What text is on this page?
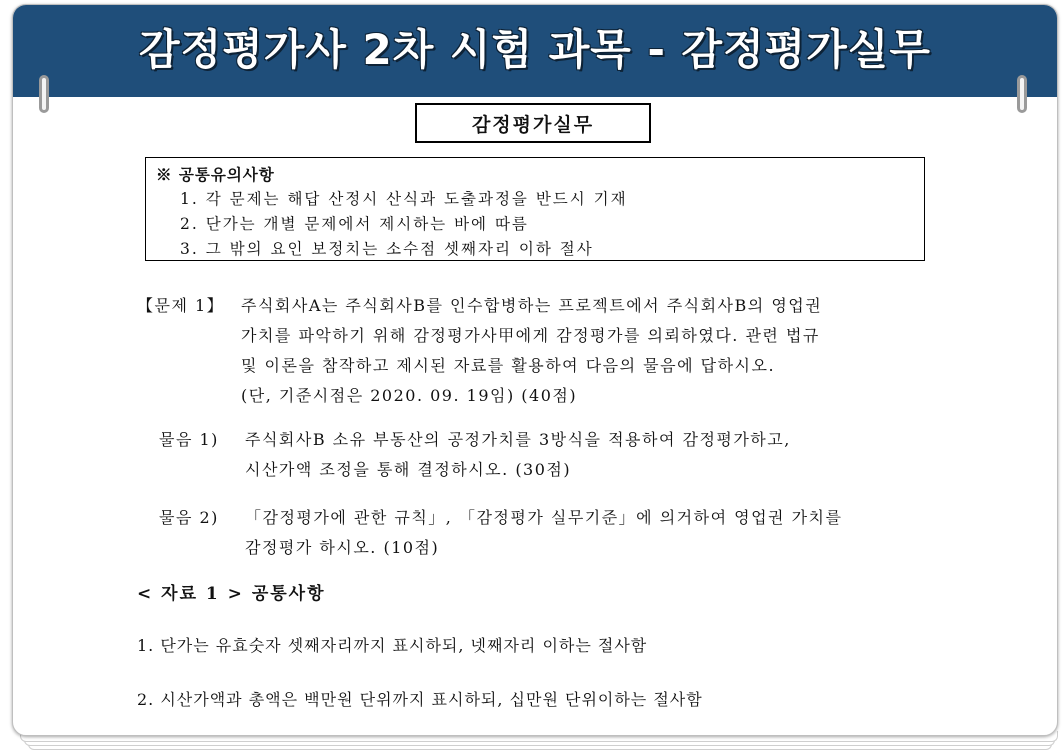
감정평가사 2차 시험 과목 - 감정평가실무
감정평가실무
※ 공통유의사항
1. 각 문제는 해답 산정시 산식과 도출과정을 반드시 기재
2. 단가는 개별 문제에서 제시하는 바에 따름
3. 그 밖의 요인 보정치는 소수점 셋째자리 이하 절사
【문제 1】 주식회사A는 주식회사B를 인수합병하는 프로젝트에서 주식회사B의 영업권
가치를 파악하기 위해 감정평가사甲에게 감정평가를 의뢰하였다. 관련 법규
및 이론을 참작하고 제시된 자료를 활용하여 다음의 물음에 답하시오.
(단, 기준시점은 2020. 09. 19임) (40점)
물음 1) 주식회사B 소유 부동산의 공정가치를 3방식을 적용하여 감정평가하고,
시산가액 조정을 통해 결정하시오. (30점)
물음 2) 「감정평가에 관한 규칙」, 「감정평가 실무기준」에 의거하여 영업권 가치를
감정평가 하시오. (10점)
< 자료 1 > 공통사항
1. 단가는 유효숫자 셋째자리까지 표시하되, 넷째자리 이하는 절사함
2. 시산가액과 총액은 백만원 단위까지 표시하되, 십만원 단위이하는 절사함
